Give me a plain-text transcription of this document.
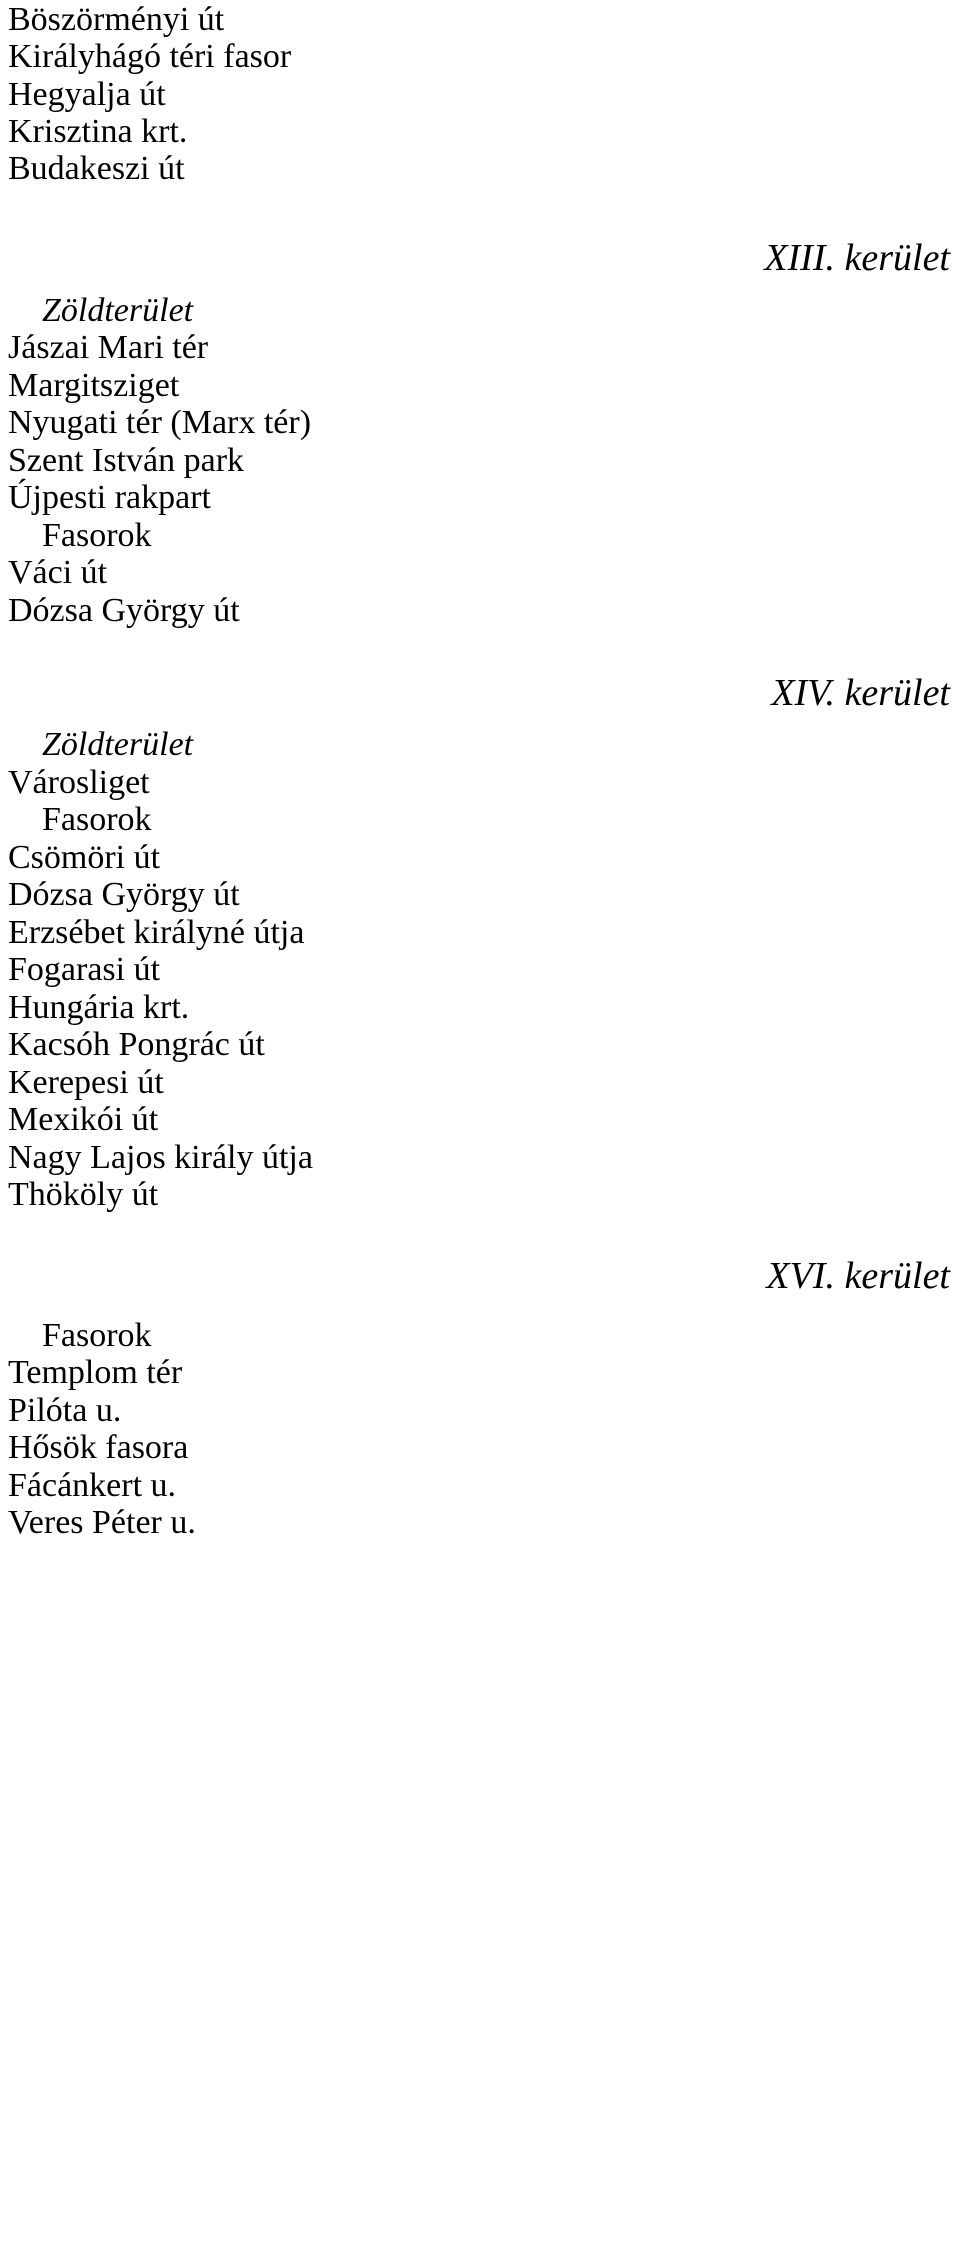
Böszörményi út
Királyhágó téri fasor
Hegyalja út
Krisztina krt.
Budakeszi út
XIII. kerület
Zöldterület
Jászai Mari tér
Margitsziget
Nyugati tér (Marx tér)
Szent István park
Újpesti rakpart
Fasorok
Váci út
Dózsa György út
XIV. kerület
Zöldterület
Városliget
Fasorok
Csömöri út
Dózsa György út
Erzsébet királyné útja
Fogarasi út
Hungária krt.
Kacsóh Pongrác út
Kerepesi út
Mexikói út
Nagy Lajos király útja
Thököly út
XVI. kerület
Fasorok
Templom tér
Pilóta u.
Hősök fasora
Fácánkert u.
Veres Péter u.
